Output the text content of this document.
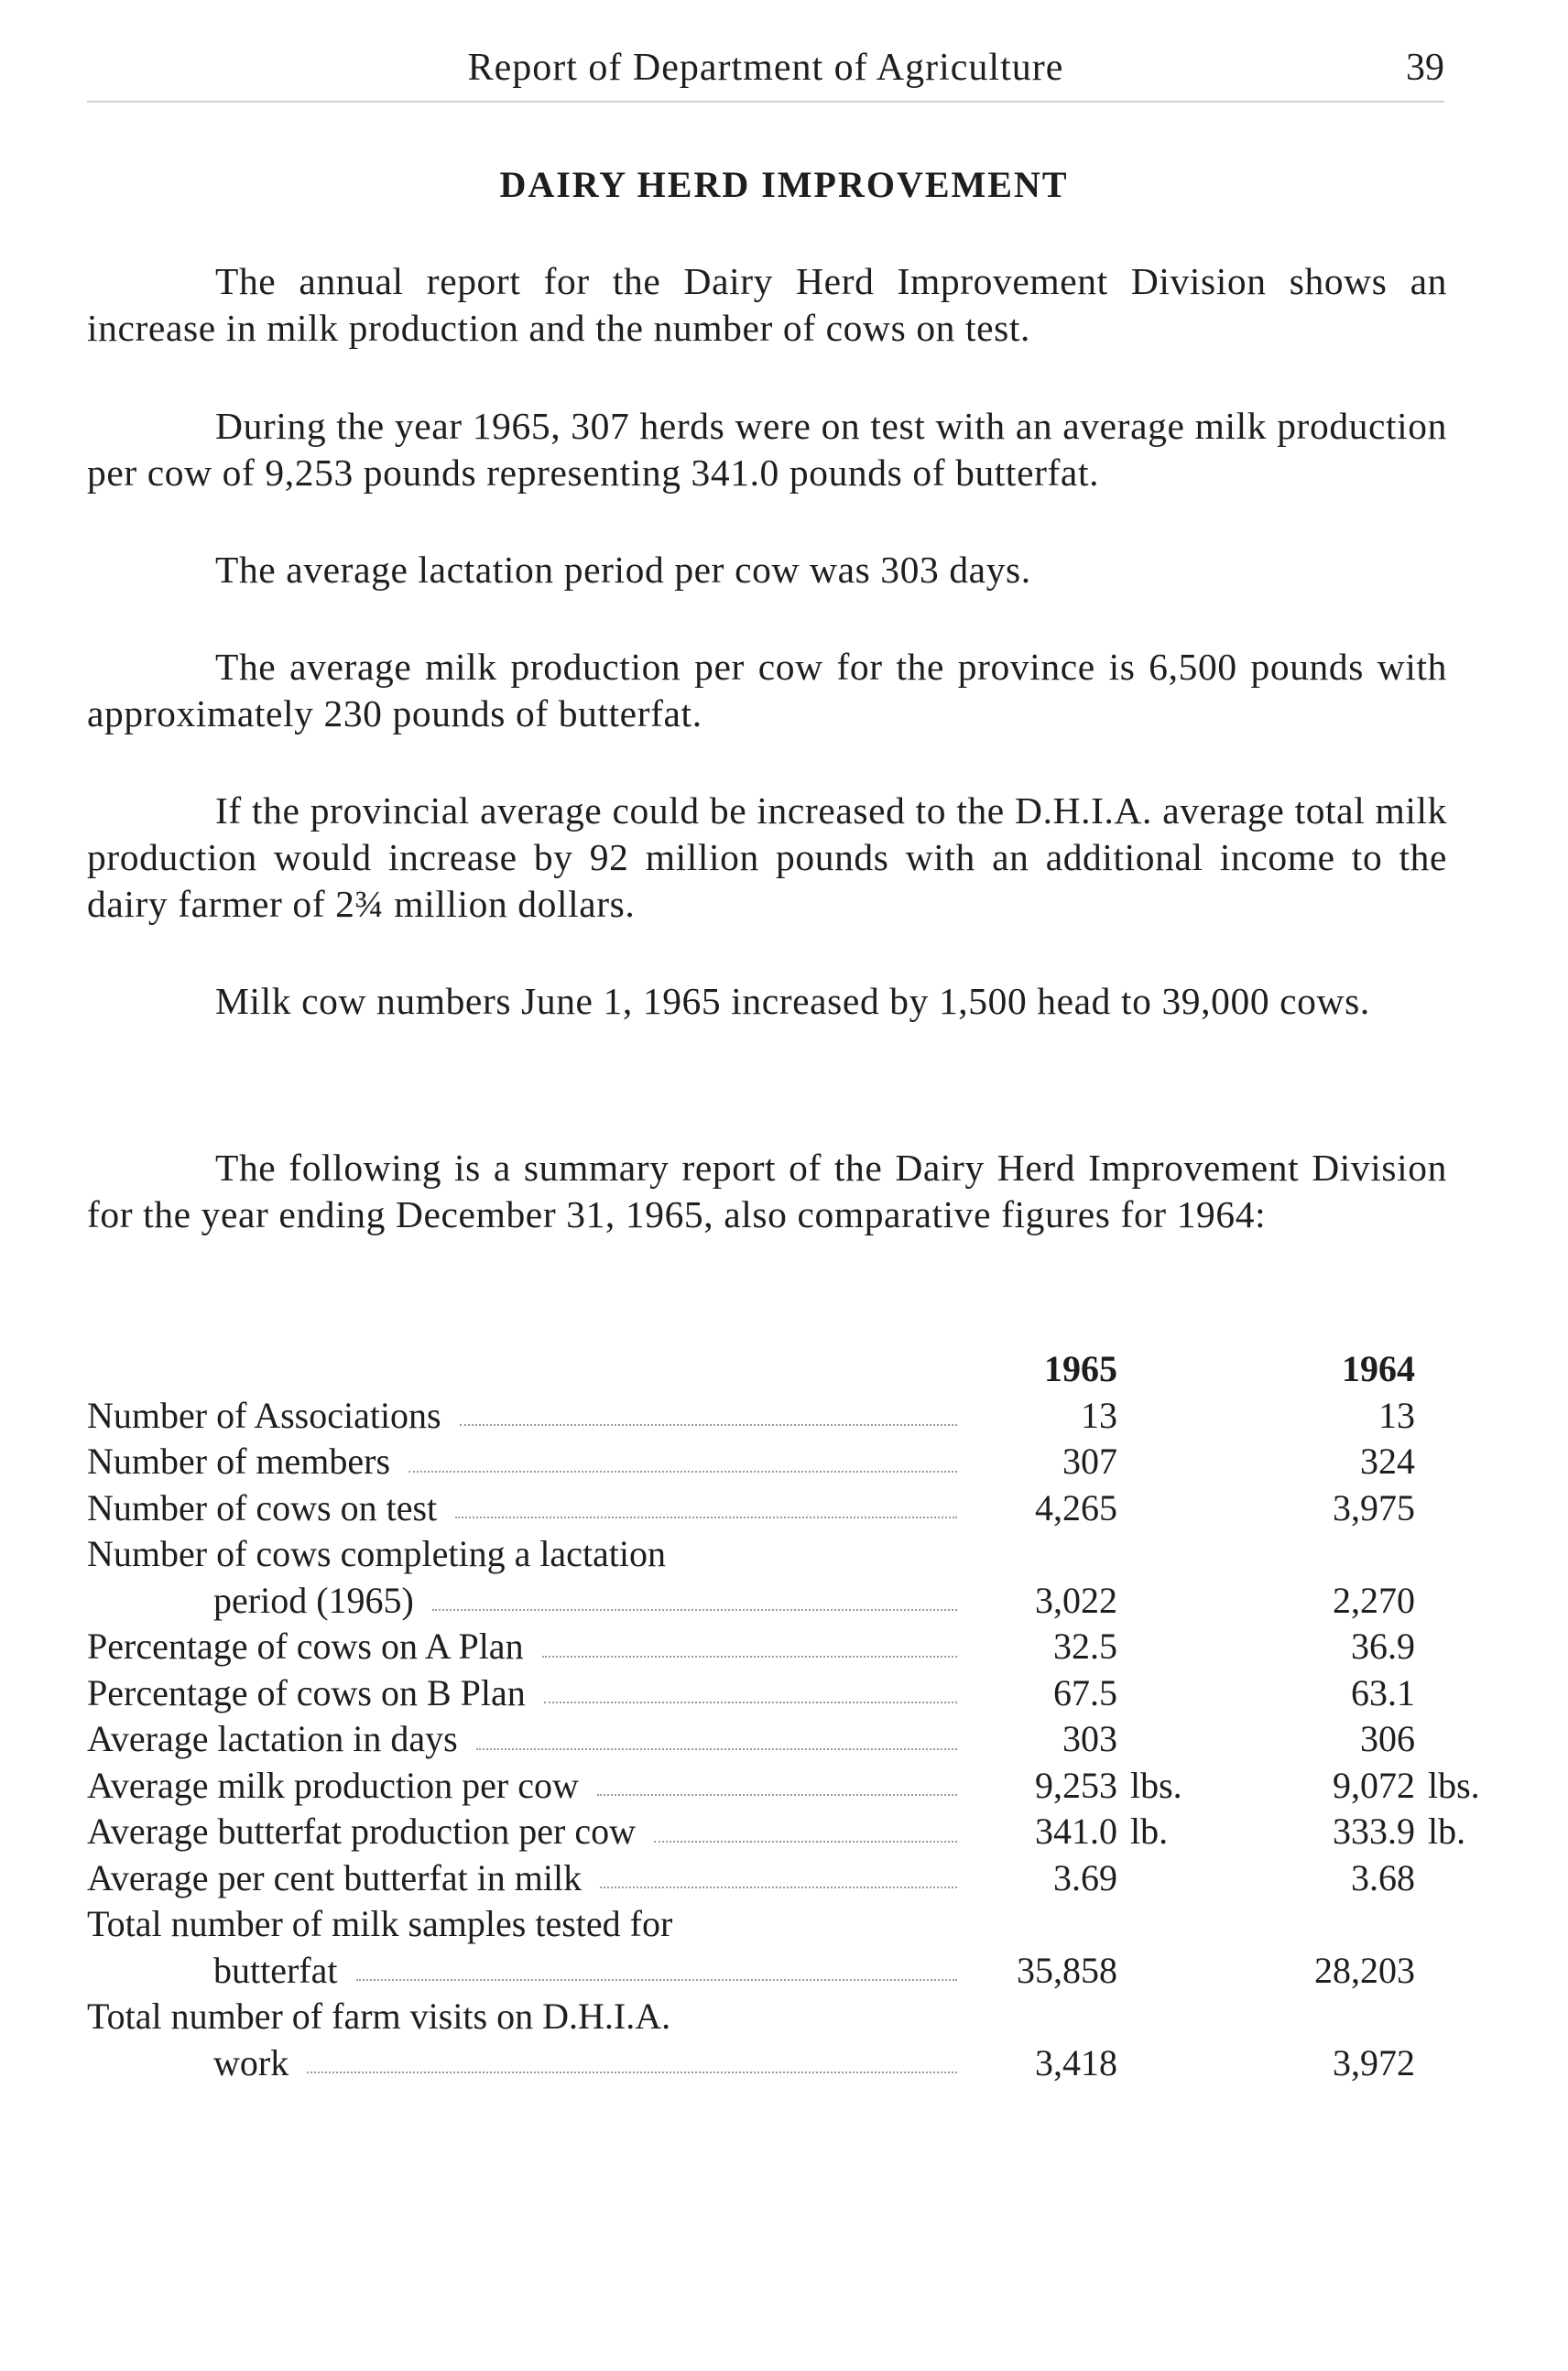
Report of Department of Agriculture	39
DAIRY HERD IMPROVEMENT

The annual report for the Dairy Herd Improvement Division shows an increase in milk production and the number of cows on test.

During the year 1965, 307 herds were on test with an average milk production per cow of 9,253 pounds representing 341.0 pounds of butterfat.

The average lactation period per cow was 303 days.

The average milk production per cow for the province is 6,500 pounds with approximately 230 pounds of butterfat.

If the provincial average could be increased to the D.H.I.A. average total milk production would increase by 92 million pounds with an additional income to the dairy farmer of 2¾ million dollars.

Milk cow numbers June 1, 1965 increased by 1,500 head to 39,000 cows.

The following is a summary report of the Dairy Herd Improvement Division for the year ending December 31, 1965, also comparative figures for 1964:

1965	1964
Number of Associations	13	13
Number of members	307	324
Number of cows on test	4,265	3,975
Number of cows completing a lactation
period (1965)	3,022	2,270
Percentage of cows on A Plan	32.5	36.9
Percentage of cows on B Plan	67.5	63.1
Average lactation in days	303	306
Average milk production per cow	9,253 lbs.	9,072 lbs.
Average butterfat production per cow	341.0 lb.	333.9 lb.
Average per cent butterfat in milk	3.69	3.68
Total number of milk samples tested for
butterfat	35,858	28,203
Total number of farm visits on D.H.I.A.
work	3,418	3,972
